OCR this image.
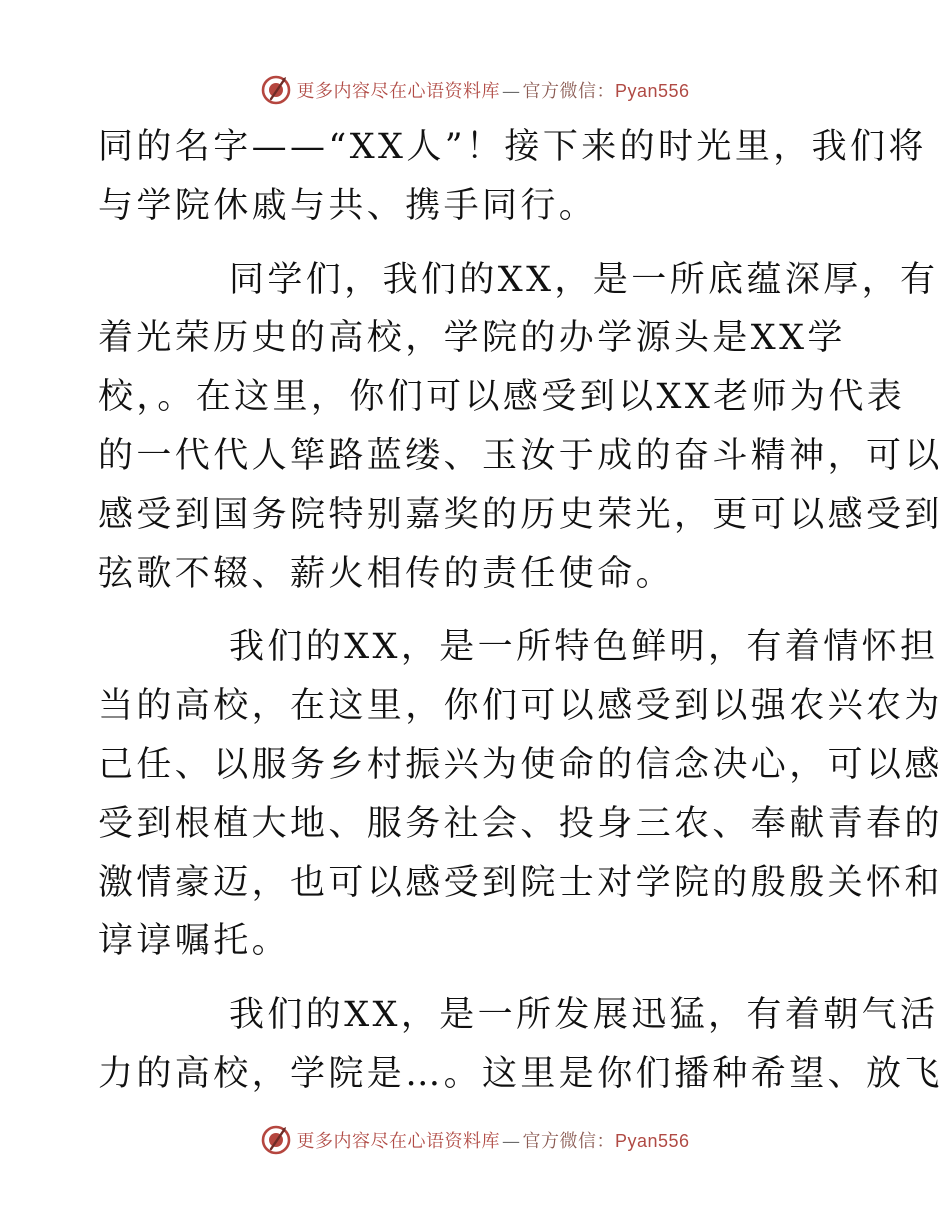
更多内容尽在心语资料库 — 官方微信：Pyan556
同的名字——“XX人”！接下来的时光里，我们将
与学院休戚与共、携手同行。
同学们，我们的XX，是一所底蕴深厚，有
着光荣历史的高校，学院的办学源头是XX学
校，。在这里，你们可以感受到以XX老师为代表
的一代代人筚路蓝缕、玉汝于成的奋斗精神，可以
感受到国务院特别嘉奖的历史荣光，更可以感受到
弦歌不辍、薪火相传的责任使命。
我们的XX，是一所特色鲜明，有着情怀担
当的高校，在这里，你们可以感受到以强农兴农为
己任、以服务乡村振兴为使命的信念决心，可以感
受到根植大地、服务社会、投身三农、奉献青春的
激情豪迈，也可以感受到院士对学院的殷殷关怀和
谆谆嘱托。
我们的XX，是一所发展迅猛，有着朝气活
力的高校，学院是…。这里是你们播种希望、放飞
更多内容尽在心语资料库 — 官方微信：Pyan556
